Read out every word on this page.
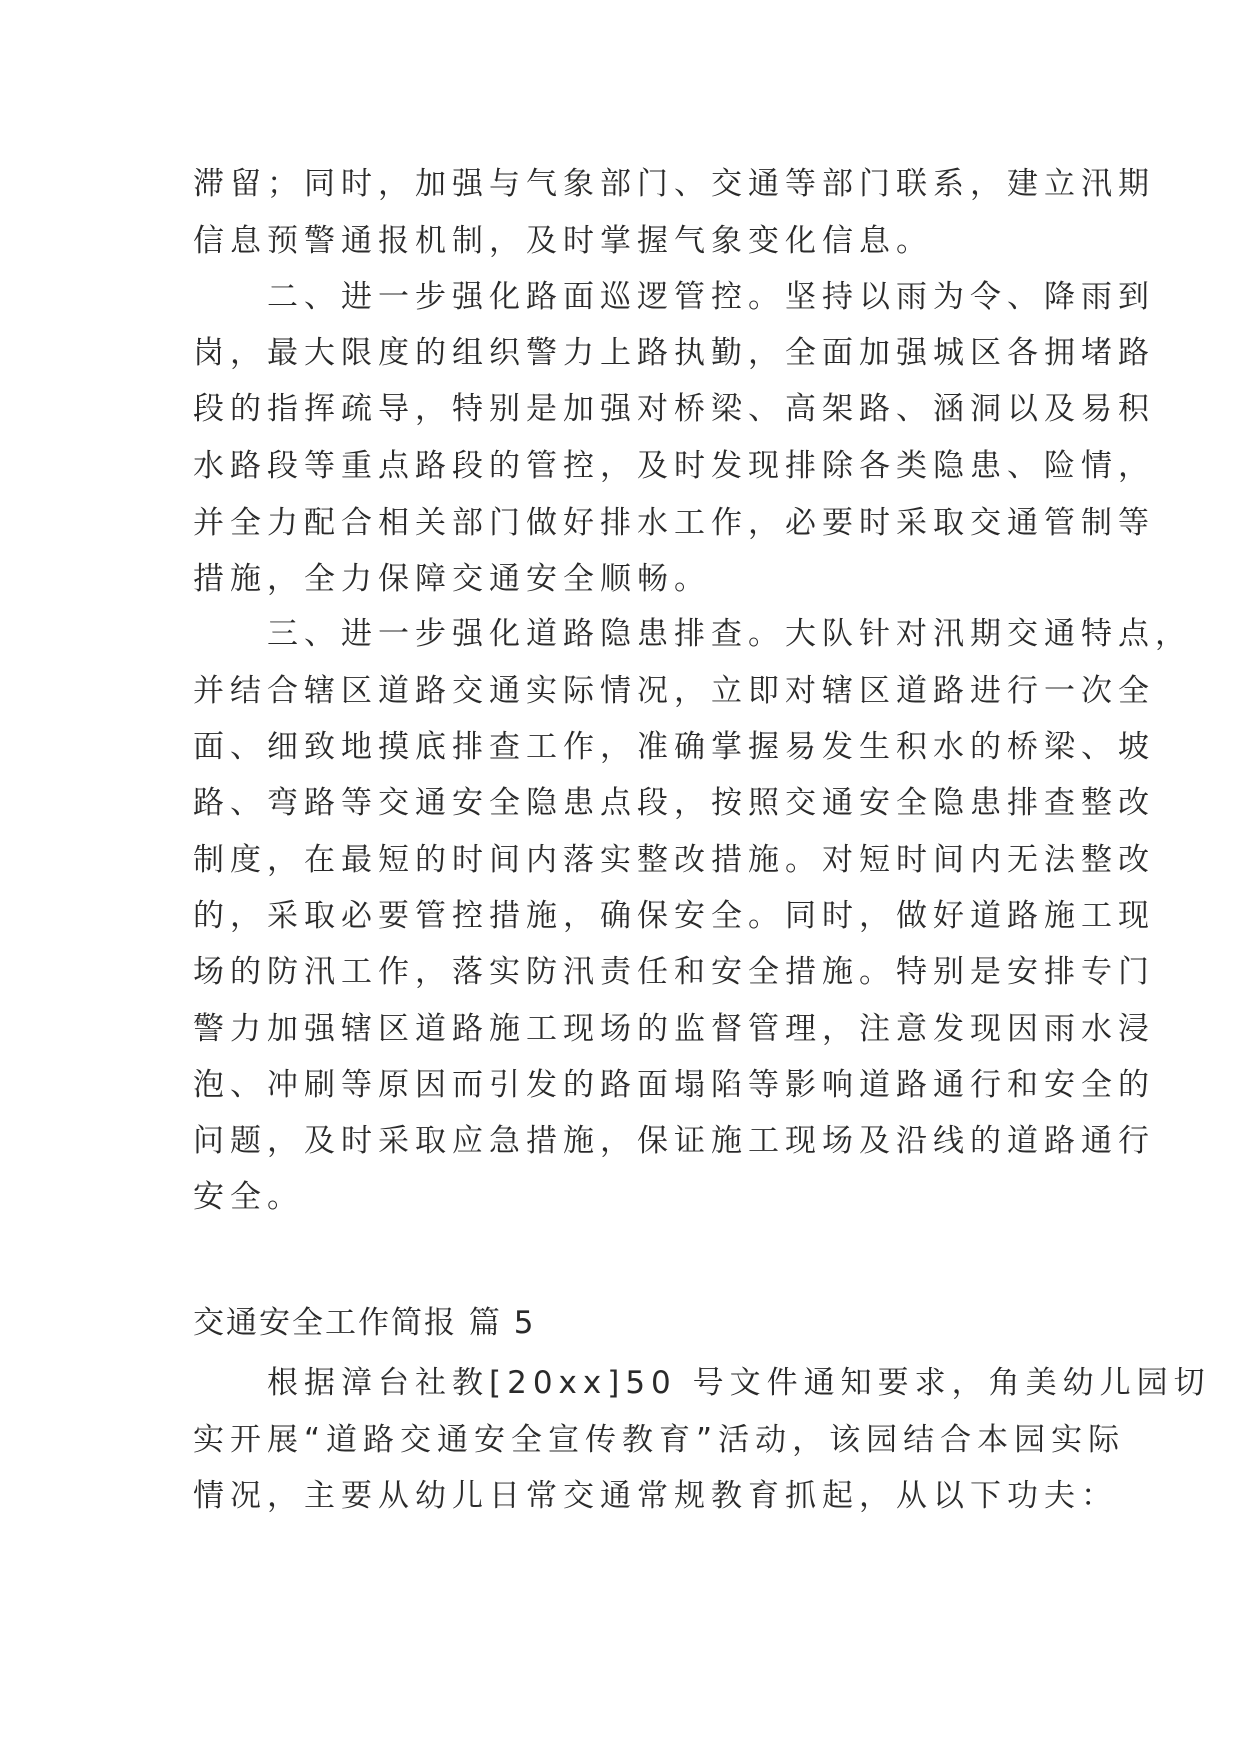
滞留；同时，加强与气象部门、交通等部门联系，建立汛期
信息预警通报机制，及时掌握气象变化信息。
　　二、进一步强化路面巡逻管控。坚持以雨为令、降雨到
岗，最大限度的组织警力上路执勤，全面加强城区各拥堵路
段的指挥疏导，特别是加强对桥梁、高架路、涵洞以及易积
水路段等重点路段的管控，及时发现排除各类隐患、险情，
并全力配合相关部门做好排水工作，必要时采取交通管制等
措施，全力保障交通安全顺畅。
　　三、进一步强化道路隐患排查。大队针对汛期交通特点，
并结合辖区道路交通实际情况，立即对辖区道路进行一次全
面、细致地摸底排查工作，准确掌握易发生积水的桥梁、坡
路、弯路等交通安全隐患点段，按照交通安全隐患排查整改
制度，在最短的时间内落实整改措施。对短时间内无法整改
的，采取必要管控措施，确保安全。同时，做好道路施工现
场的防汛工作，落实防汛责任和安全措施。特别是安排专门
警力加强辖区道路施工现场的监督管理，注意发现因雨水浸
泡、冲刷等原因而引发的路面塌陷等影响道路通行和安全的
问题，及时采取应急措施，保证施工现场及沿线的道路通行
安全。
交通安全工作简报 篇 5
　　根据漳台社教[20xx]50 号文件通知要求，角美幼儿园切
实开展“道路交通安全宣传教育”活动，该园结合本园实际
情况，主要从幼儿日常交通常规教育抓起，从以下功夫：
